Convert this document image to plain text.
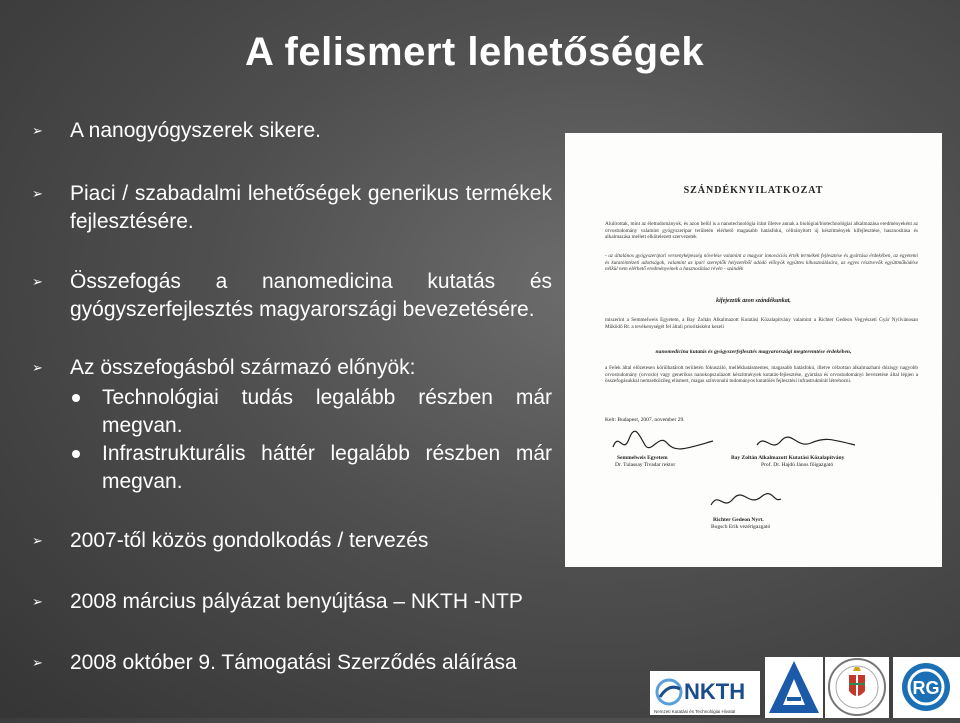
A felismert lehetőségek
➢ A nanogyógyszerek sikere.
➢ Piaci / szabadalmi lehetőségek generikus termékek fejlesztésére.
➢ Összefogás a nanomedicina kutatás és gyógyszerfejlesztés magyarországi bevezetésére.
➢ Az összefogásból származó előnyök:
Technológiai tudás legalább részben már megvan.
Infrastrukturális háttér legalább részben már megvan.
➢ 2007-től közös gondolkodás / tervezés
➢ 2008 március pályázat benyújtása – NKTH -NTP
➢ 2008 október 9. Támogatási Szerződés aláírása
SZÁNDÉKNYILATKOZAT
Alulírottak, mint az élettudományok, és azon belül is a nanotechnológia iránt illetve annak a biológiai/biotechnológiai alkalmazása eredményeként az orvostudomány valamint gyógyszeripar területén elérhető magasabb hatásfokú, célirányított új készítmények kifejlesztése, hasznosítása és alkalmazása mellett elkötelezett szervezetek
- az általános gyógyszeripari versenyképesség növelése valamint a magyar innovációs érték termékek fejlesztése és gyártása érdekében, az egyetemi és kutatóintézeti adottságok, valamint az ipari szereplők helyzetéből adódó előnyök együttes kihasználására, az egyes résztvevők együttműködése nélkül nem elérhető eredményeinek a hasznosítása révén - szándék
kifejezzük azon szándékunkat,
miszerint a Semmelweis Egyetem, a Bay Zoltán Alkalmazott Kutatási Közalapítvány valamint a Richter Gedeon Vegyészeti Gyár Nyilvánosan Működő Rt. a tevékenységét fel általi prioritásként kezeli
nanomedicina kutatás és gyógyszerfejlesztés magyarországi megteremtése érdekében,
a Felek által előzetesen körülhatárolt területén fókuszáló, mellékhatásmentes, magasabb hatásfokú, illetve célzottan alkalmazható dózisgy nagyobb orvostudomány (orvoslo) vagy generikus nanokopszulázott készítmények kutatás-fejlesztése, gyártása és orvostudományi bevezetése által lépjen a összefogásukkal nemzetközileg elismert, magas színvonalú tudományos kutatóiés fejlesztési infrastruktúrát létrehozni.
Kelt: Budapest, 2007. november 29.
Semmelweis Egyetem
Dr. Tulassay Tivadar rektor
Bay Zoltán Alkalmazott Kutatási Közalapítvány
Prof. Dr. Hajdú János főigazgató
Richter Gedeon Nyrt.
Bogsch Erik vezérigazgató
NKTH
Nemzeti Kutatási és Technológiai Hivatal
RG
